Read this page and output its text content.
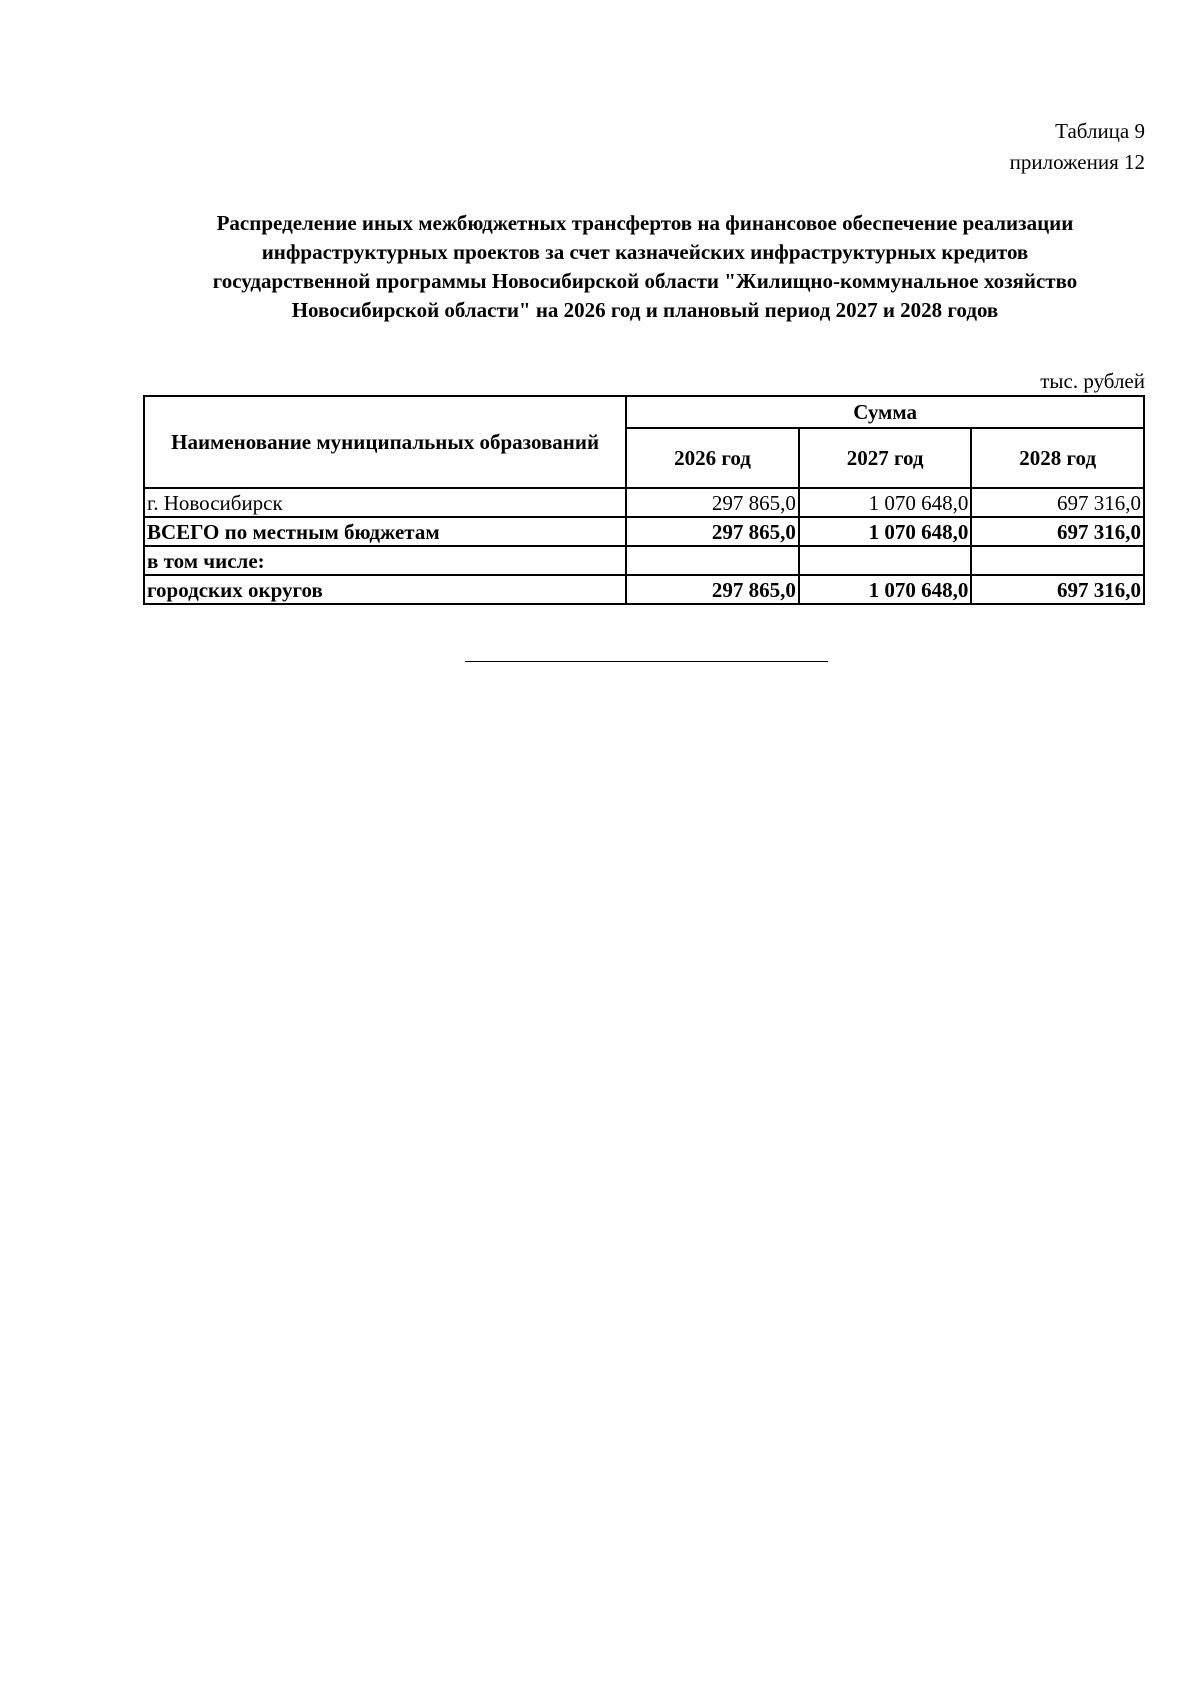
Таблица 9
приложения 12
Распределение иных межбюджетных трансфертов на финансовое обеспечение реализации
инфраструктурных проектов за счет казначейских инфраструктурных кредитов
государственной программы Новосибирской области "Жилищно-коммунальное хозяйство
Новосибирской области" на 2026 год и плановый период 2027 и 2028 годов
тыс. рублей
Наименование муниципальных образований	Сумма		
	2026 год	2027 год	2028 год
г. Новосибирск	297 865,0	1 070 648,0	697 316,0
ВСЕГО по местным бюджетам	297 865,0	1 070 648,0	697 316,0
в том числе:			
городских округов	297 865,0	1 070 648,0	697 316,0
